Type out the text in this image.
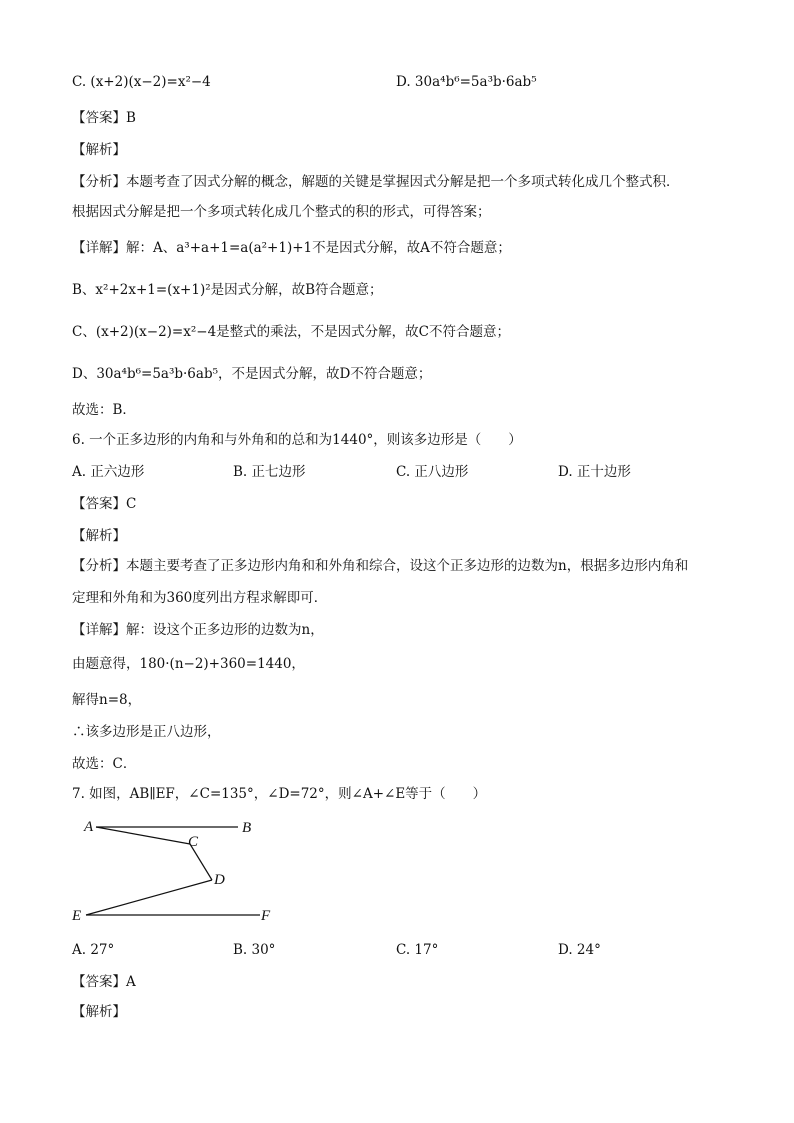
C. (x+2)(x−2)=x²−4	D. 30a⁴b⁶=5a³b·6ab⁵
【答案】B
【解析】
【分析】本题考查了因式分解的概念，解题的关键是掌握因式分解是把一个多项式转化成几个整式积．
根据因式分解是把一个多项式转化成几个整式的积的形式，可得答案；
【详解】解：A、a³+a+1=a(a²+1)+1不是因式分解，故A不符合题意；
B、x²+2x+1=(x+1)²是因式分解，故B符合题意；
C、(x+2)(x−2)=x²−4是整式的乘法，不是因式分解，故C不符合题意；
D、30a⁴b⁶=5a³b·6ab⁵，不是因式分解，故D不符合题意；
故选：B．
6. 一个正多边形的内角和与外角和的总和为1440°，则该多边形是（　　）
A. 正六边形	B. 正七边形	C. 正八边形	D. 正十边形
【答案】C
【解析】
【分析】本题主要考查了正多边形内角和和外角和综合，设这个正多边形的边数为n，根据多边形内角和
定理和外角和为360度列出方程求解即可．
【详解】解：设这个正多边形的边数为n，
由题意得，180·(n−2)+360=1440，
解得n=8，
∴该多边形是正八边形，
故选：C．
7. 如图，AB∥EF，∠C=135°，∠D=72°，则∠A+∠E等于（　　）
A	B
C
D
E	F
A. 27°	B. 30°	C. 17°	D. 24°
【答案】A
【解析】
